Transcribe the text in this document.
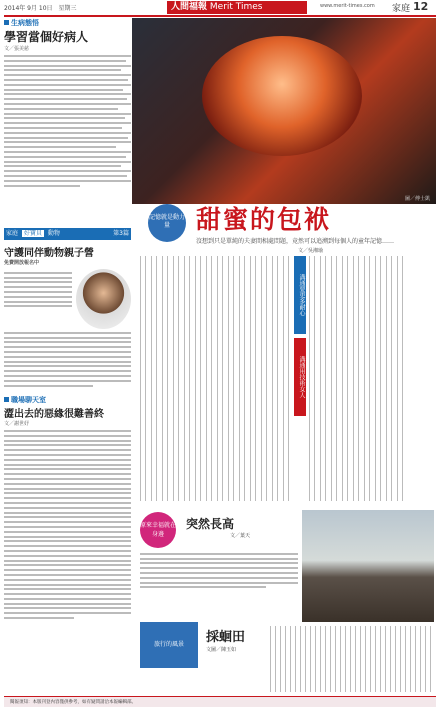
2014年 9月 10日　星期三	人間福報 Merit Times	www.merit-times.com 家庭 12
生病態悟
學習當個好病人
文／張美慈
家庭 好寶貝 動物	第3篇
守護同伴動物親子營
免費開放報名中
職場聊天室
澀出去的惡緣很難善終
文／謝世妤
圖／傅士凱
記憶就是動力量	甜蜜的包袱
沒想到只是單純的夫妻間相處問題，竟然可以追溯到每個人的童年記憶……
文／吳湘瑜
溝通要更多耐心
溝通用技術女人
原來幸福就在身邊
突然長高
文／葉天
旅行的風景	採蛔田
文圖／陳玉如
閱報須知：本版刊登內容僅供參考，如有疑問請洽本報編輯部。
